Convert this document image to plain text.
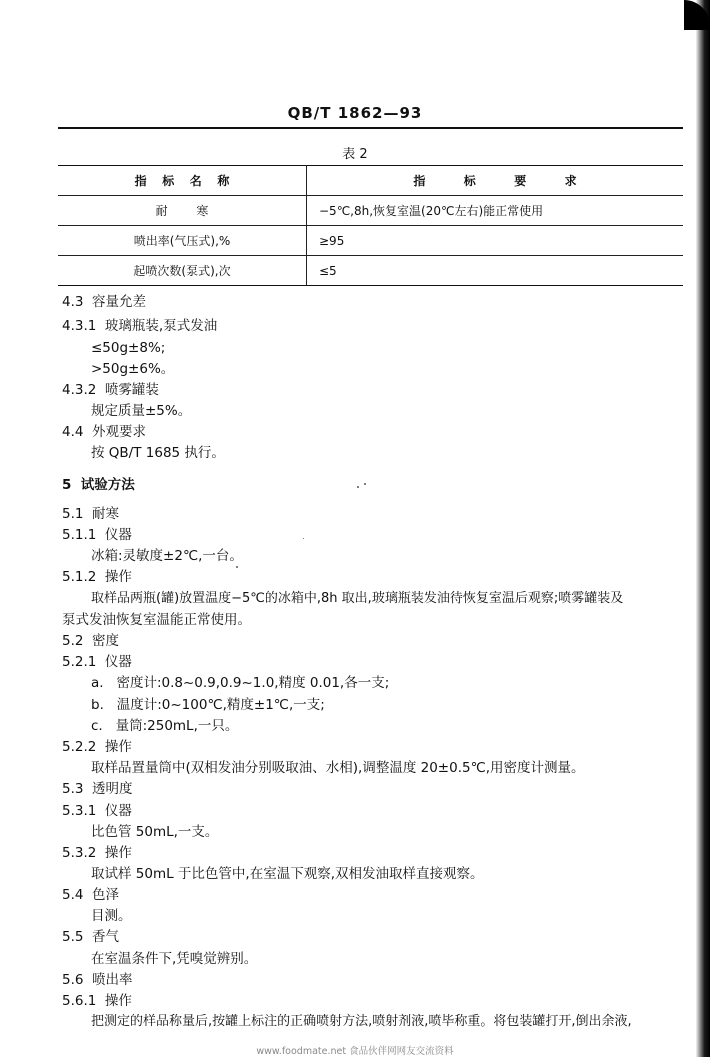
QB/T 1862—93
表 2
指标名称	指标要求
耐寒	−5℃,8h,恢复室温(20℃左右)能正常使用
喷出率(气压式),%	≥95
起喷次数(泵式),次	≤5
4.3  容量允差
4.3.1  玻璃瓶装,泵式发油
≤50g±8%;
>50g±6%。
4.3.2  喷雾罐装
规定质量±5%。
4.4  外观要求
按 QB/T 1685 执行。
5  试验方法
5.1  耐寒
5.1.1  仪器
冰箱:灵敏度±2℃,一台。
5.1.2  操作
取样品两瓶(罐)放置温度−5℃的冰箱中,8h 取出,玻璃瓶装发油待恢复室温后观察;喷雾罐装及
泵式发油恢复室温能正常使用。
5.2  密度
5.2.1  仪器
a.   密度计:0.8~0.9,0.9~1.0,精度 0.01,各一支;
b.   温度计:0~100℃,精度±1℃,一支;
c.   量筒:250mL,一只。
5.2.2  操作
取样品置量筒中(双相发油分别吸取油、水相),调整温度 20±0.5℃,用密度计测量。
5.3  透明度
5.3.1  仪器
比色管 50mL,一支。
5.3.2  操作
取试样 50mL 于比色管中,在室温下观察,双相发油取样直接观察。
5.4  色泽
目测。
5.5  香气
在室温条件下,凭嗅觉辨别。
5.6  喷出率
5.6.1  操作
把测定的样品称量后,按罐上标注的正确喷射方法,喷射剂液,喷毕称重。将包装罐打开,倒出余液,
www.foodmate.net 食品伙伴网网友交流资料
